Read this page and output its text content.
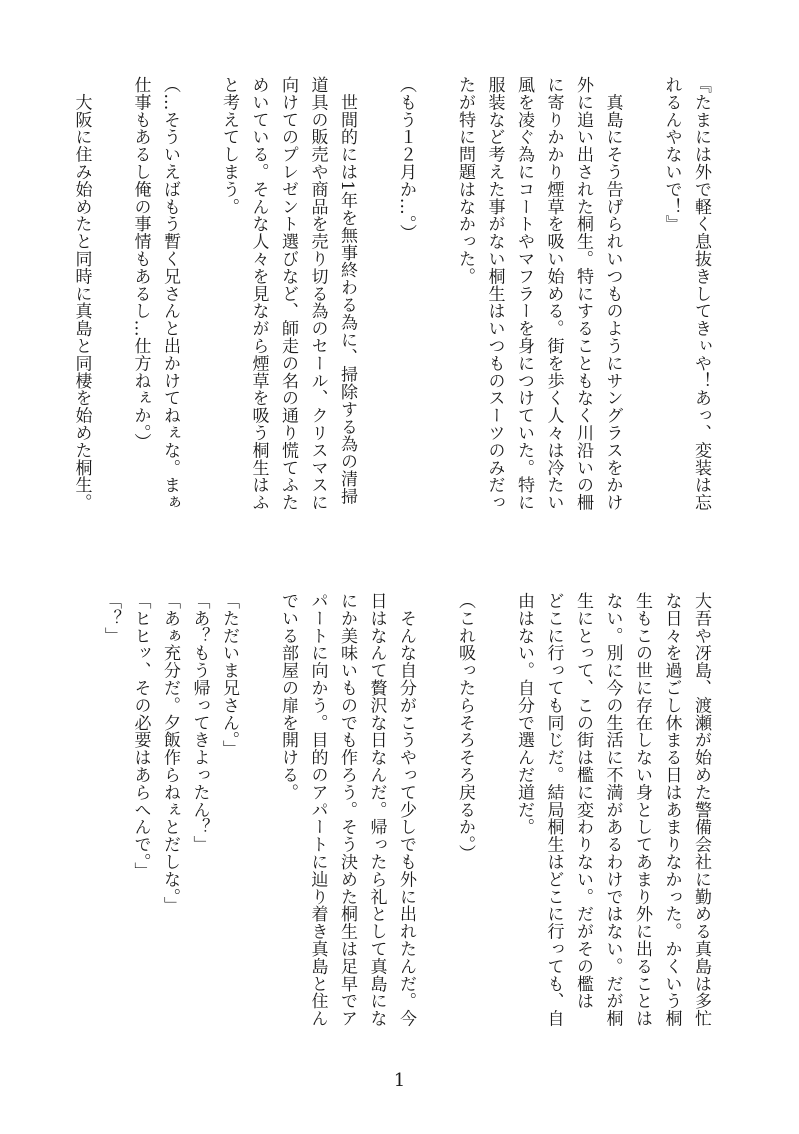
『たまには外で軽く息抜きしてきぃや！あっ、変装は忘

れるんやないで！』

　真島にそう告げられいつものようにサングラスをかけ

外に追い出された桐生。特にすることもなく川沿いの柵

に寄りかかり煙草を吸い始める。街を歩く人々は冷たい

風を凌ぐ為にコートやマフラーを身につけていた。特に

服装など考えた事がない桐生はいつものスーツのみだっ

たが特に問題はなかった。

（もう１２月か…。）

　世間的には1年を無事終わる為に、掃除する為の清掃

道具の販売や商品を売り切る為のセール、クリスマスに

向けてのプレゼント選びなど、師走の名の通り慌てふた

めいている。そんな人々を見ながら煙草を吸う桐生はふ

と考えてしまう。

（…そういえばもう暫く兄さんと出かけてねぇな。まぁ

仕事もあるし俺の事情もあるし…仕方ねぇか。）

　大阪に住み始めたと同時に真島と同棲を始めた桐生。

大吾や冴島、渡瀬が始めた警備会社に勤める真島は多忙

な日々を過ごし休まる日はあまりなかった。かくいう桐

生もこの世に存在しない身としてあまり外に出ることは

ない。別に今の生活に不満があるわけではない。だが桐

生にとって、この街は檻に変わりない。だがその檻は

どこに行っても同じだ。結局桐生はどこに行っても、自

由はない。自分で選んだ道だ。

（これ吸ったらそろそろ戻るか。）

　そんな自分がこうやって少しでも外に出れたんだ。今

日はなんて贅沢な日なんだ。帰ったら礼として真島にな

にか美味いものでも作ろう。そう決めた桐生は足早でア

パートに向かう。目的のアパートに辿り着き真島と住ん

でいる部屋の扉を開ける。

「ただいま兄さん。」

「あ？もう帰ってきよったん？」

「あぁ充分だ。夕飯作らねぇとだしな。」

「ヒヒッ、その必要はあらへんで。」

「？」

1
